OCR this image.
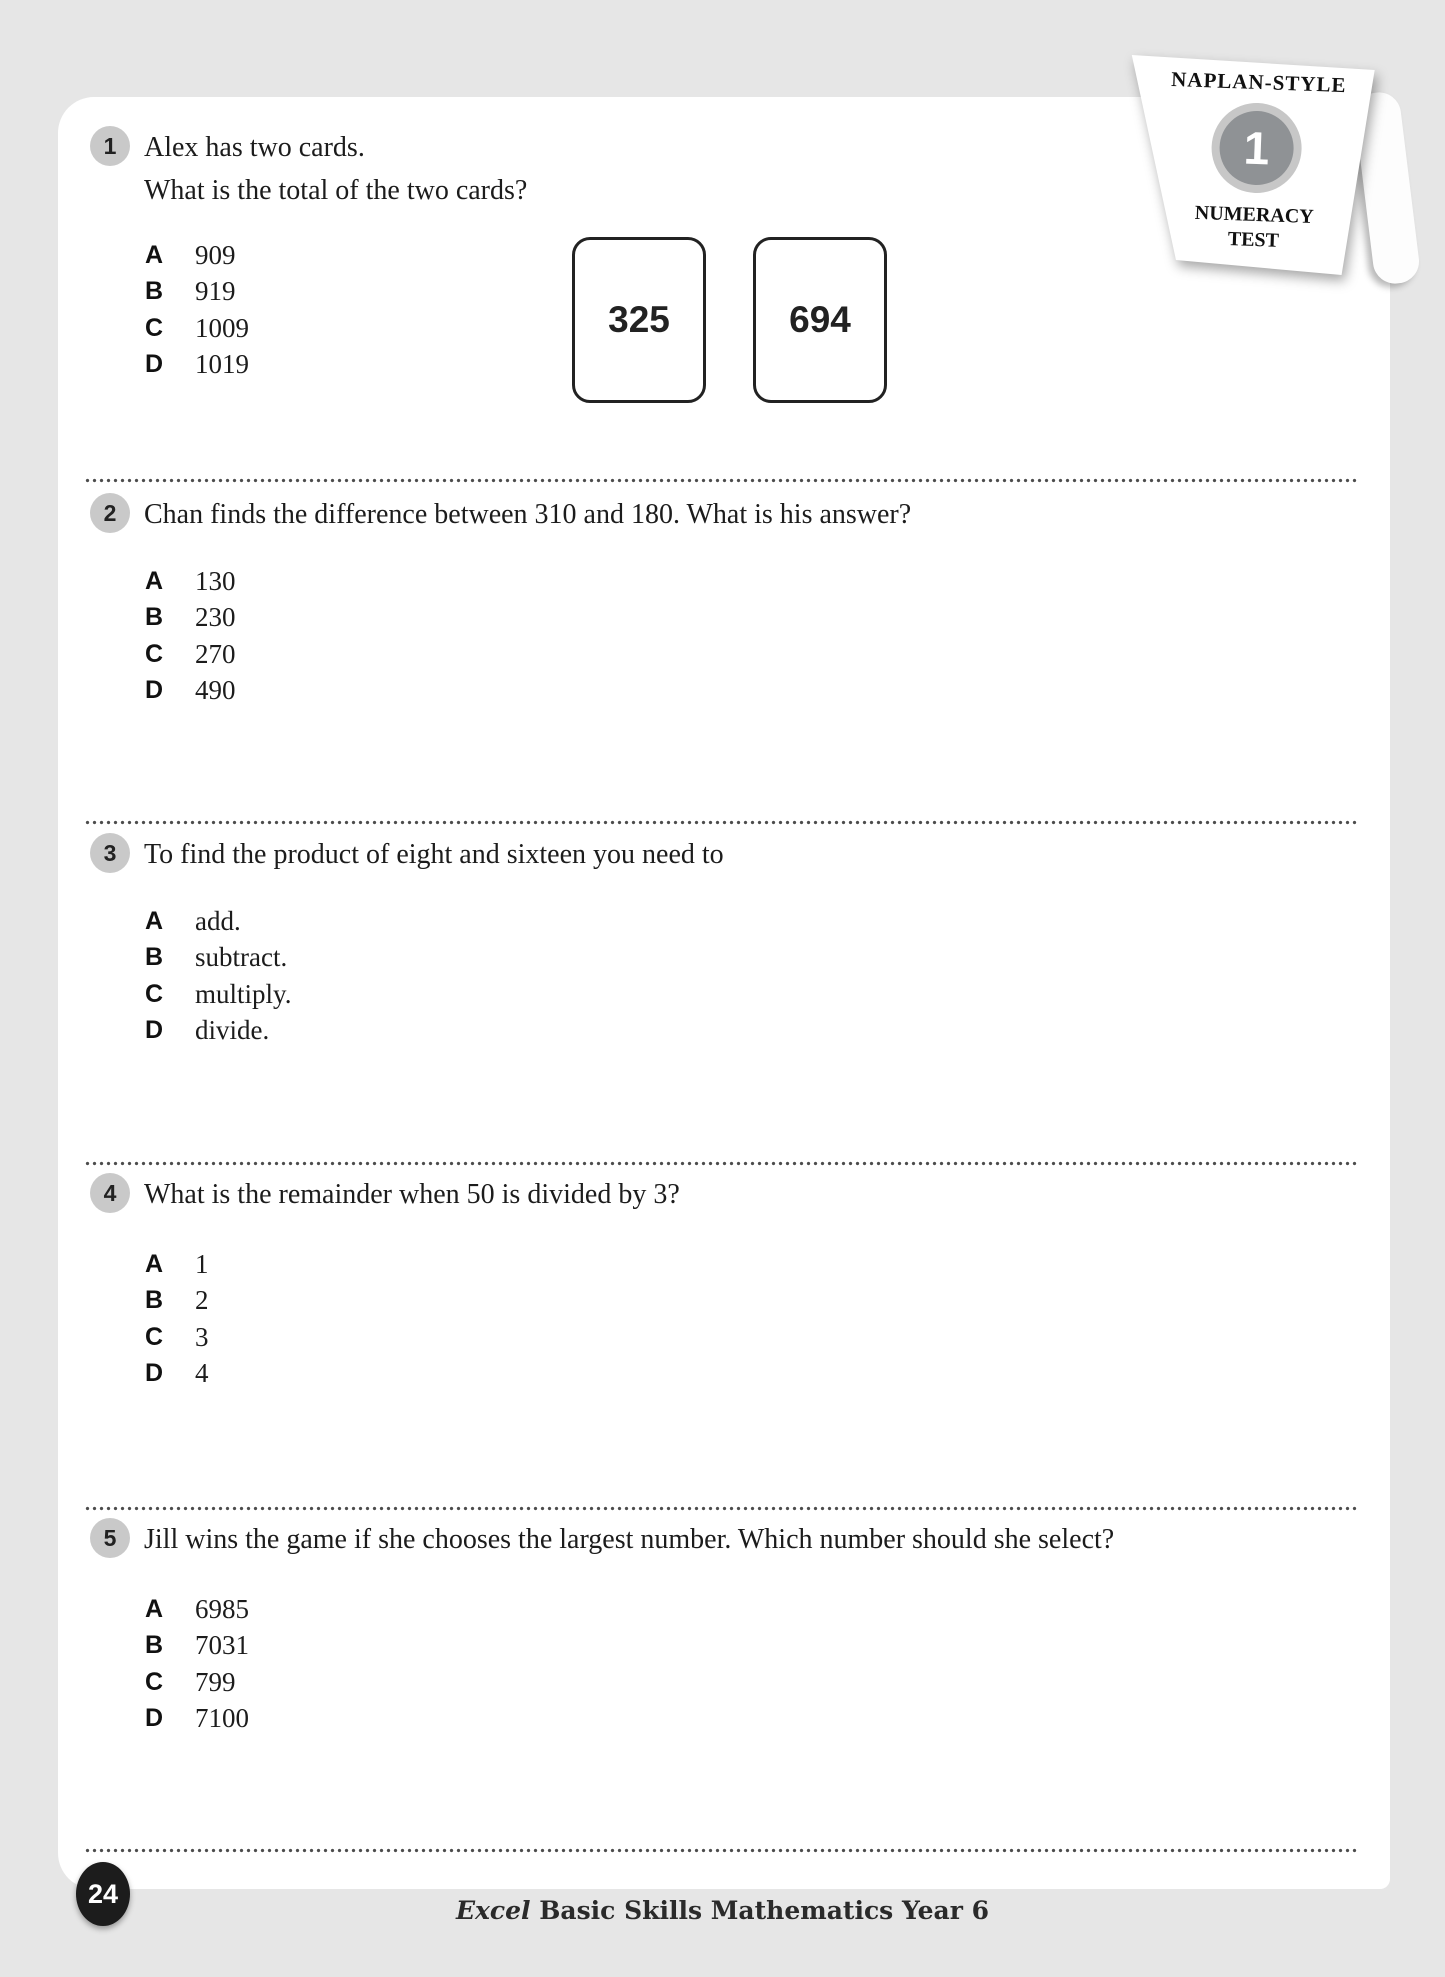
NAPLAN-STYLE
1
NUMERACY
TEST
1 Alex has two cards.
What is the total of the two cards?
A	909
B	919
C	1009
D	1019
325	694
2 Chan finds the difference between 310 and 180. What is his answer?
A	130
B	230
C	270
D	490
3 To find the product of eight and sixteen you need to
A	add.
B	subtract.
C	multiply.
D	divide.
4 What is the remainder when 50 is divided by 3?
A	1
B	2
C	3
D	4
5 Jill wins the game if she chooses the largest number. Which number should she select?
A	6985
B	7031
C	799
D	7100
24
Excel Basic Skills Mathematics Year 6
